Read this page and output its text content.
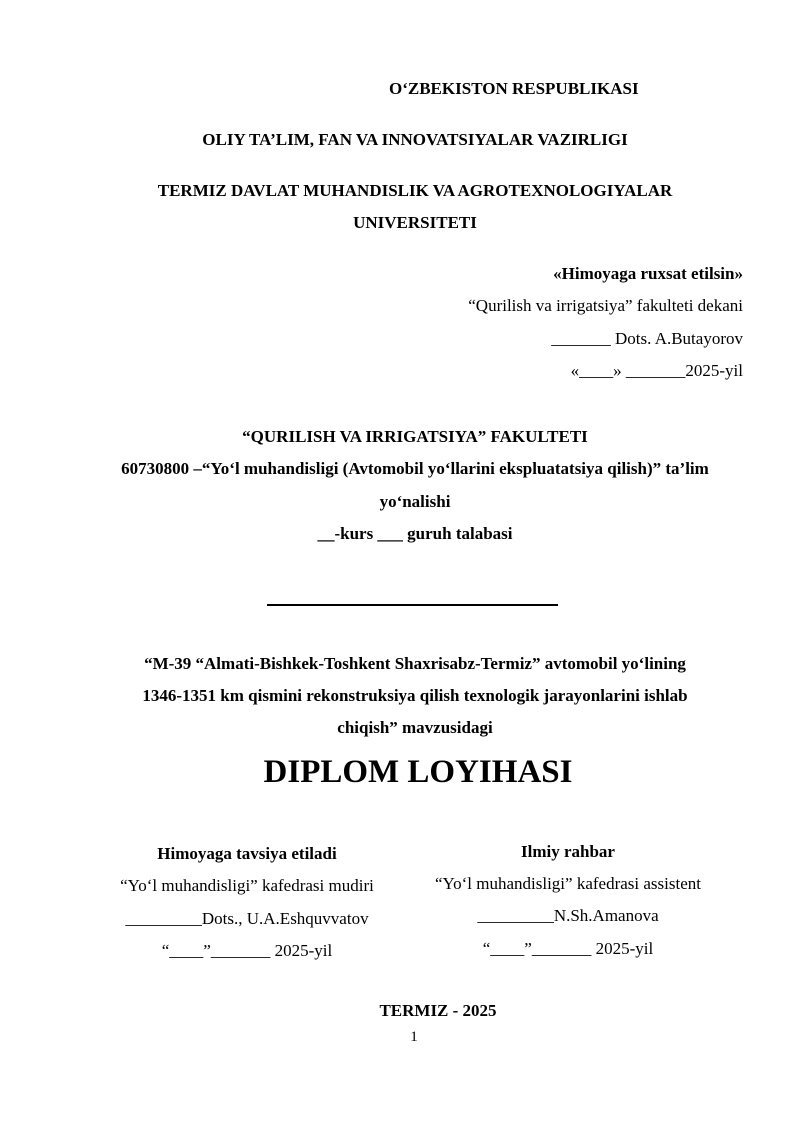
O‘ZBEKISTON RESPUBLIKASI
OLIY TA’LIM, FAN VA INNOVATSIYALAR VAZIRLIGI
TERMIZ DAVLAT MUHANDISLIK VA AGROTEXNOLOGIYALAR
UNIVERSITETI
«Himoyaga ruxsat etilsin»
“Qurilish va irrigatsiya” fakulteti dekani
_______ Dots. A.Butayorov
«____» _______2025-yil
“QURILISH VA IRRIGATSIYA” FAKULTETI
60730800 –“Yo‘l muhandisligi (Avtomobil yo‘llarini ekspluatatsiya qilish)” ta’lim
yo‘nalishi
__-kurs ___ guruh talabasi
“M-39 “Almati-Bishkek-Toshkent Shaxrisabz-Termiz” avtomobil yo‘lining
1346-1351 km qismini rekonstruksiya qilish texnologik jarayonlarini ishlab
chiqish” mavzusidagi
DIPLOM LOYIHASI
Himoyaga tavsiya etiladi
“Yo‘l muhandisligi” kafedrasi mudiri
_________Dots., U.A.Eshquvvatov
“____”_______ 2025-yil
Ilmiy rahbar
“Yo‘l muhandisligi” kafedrasi assistent
_________N.Sh.Amanova
“____”_______ 2025-yil
TERMIZ - 2025
1
